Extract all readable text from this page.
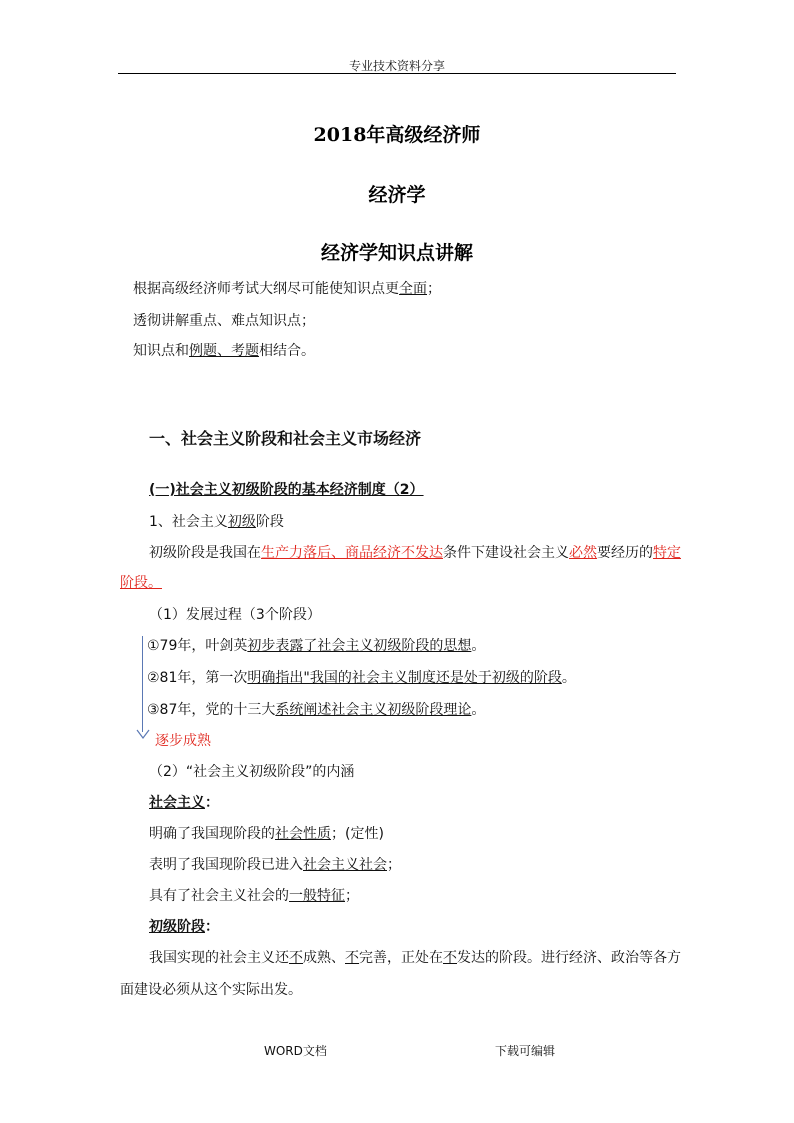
专业技术资料分享
2018年高级经济师
经济学
经济学知识点讲解
根据高级经济师考试大纲尽可能使知识点更全面；
透彻讲解重点、难点知识点；
知识点和例题、考题相结合。
一、社会主义阶段和社会主义市场经济
(一)社会主义初级阶段的基本经济制度（2）
1、社会主义初级阶段
初级阶段是我国在生产力落后、商品经济不发达条件下建设社会主义必然要经历的特定
阶段。
（1）发展过程（3个阶段）
①79年，叶剑英初步表露了社会主义初级阶段的思想。
②81年，第一次明确指出"我国的社会主义制度还是处于初级的阶段。
③87年，党的十三大系统阐述社会主义初级阶段理论。
逐步成熟
（2）“社会主义初级阶段”的内涵
社会主义：
明确了我国现阶段的社会性质；(定性)
表明了我国现阶段已进入社会主义社会；
具有了社会主义社会的一般特征；
初级阶段：
我国实现的社会主义还不成熟、不完善，正处在不发达的阶段。进行经济、政治等各方
面建设必须从这个实际出发。
WORD文档	下载可编辑
